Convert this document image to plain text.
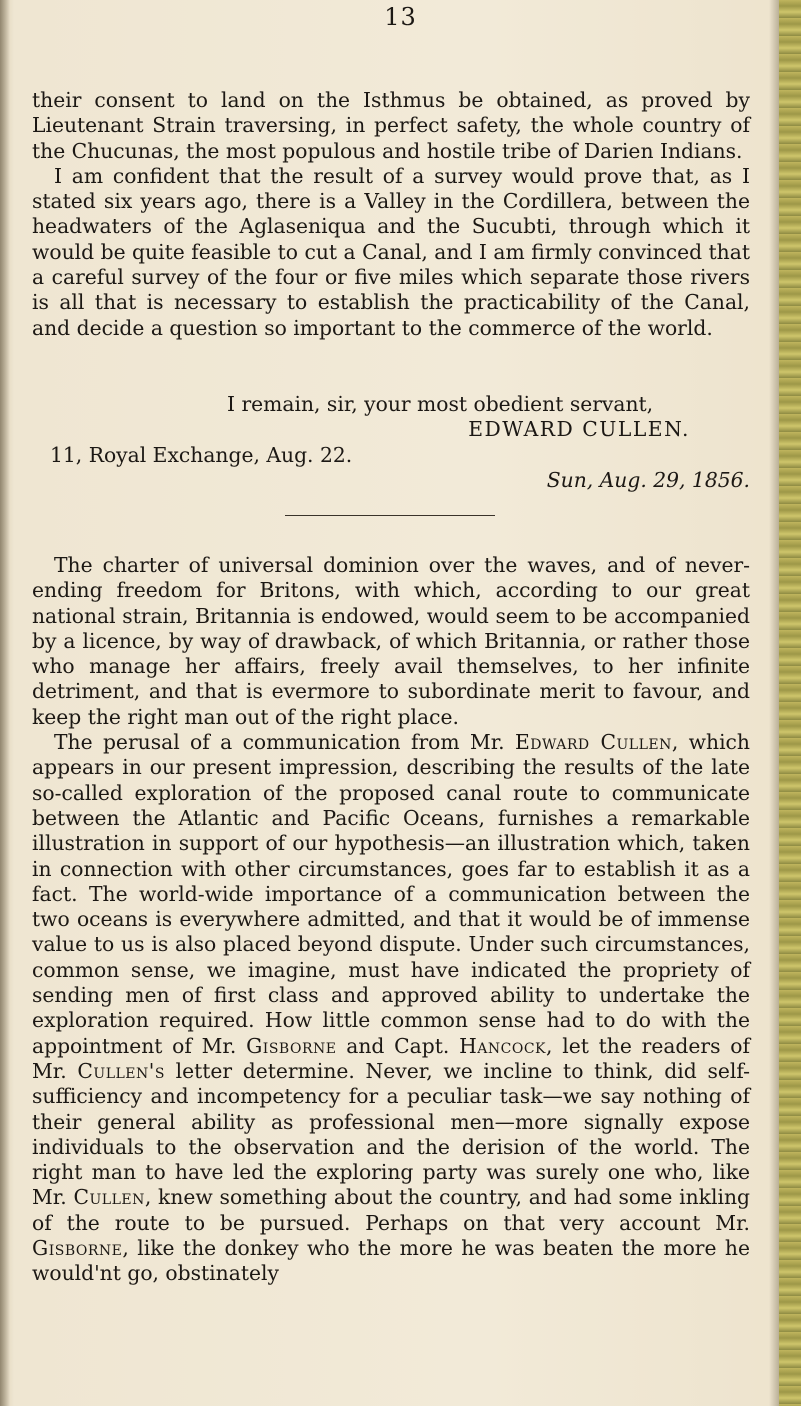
13

their consent to land on the Isthmus be obtained, as proved by Lieutenant Strain traversing, in perfect safety, the whole country of the Chucunas, the most populous and hostile tribe of Darien Indians.

I am confident that the result of a survey would prove that, as I stated six years ago, there is a Valley in the Cordillera, between the headwaters of the Aglaseniqua and the Sucubti, through which it would be quite feasible to cut a Canal, and I am firmly convinced that a careful survey of the four or five miles which separate those rivers is all that is necessary to establish the practicability of the Canal, and decide a question so important to the commerce of the world.

I remain, sir, your most obedient servant,
EDWARD CULLEN.
11, Royal Exchange, Aug. 22.
Sun, Aug. 29, 1856.

The charter of universal dominion over the waves, and of never-ending freedom for Britons, with which, according to our great national strain, Britannia is endowed, would seem to be accompanied by a licence, by way of drawback, of which Britannia, or rather those who manage her affairs, freely avail themselves, to her infinite detriment, and that is evermore to subordinate merit to favour, and keep the right man out of the right place.

The perusal of a communication from Mr. Edward Cullen, which appears in our present impression, describing the results of the late so-called exploration of the proposed canal route to communicate between the Atlantic and Pacific Oceans, furnishes a remarkable illustration in support of our hypothesis—an illustration which, taken in connection with other circumstances, goes far to establish it as a fact. The world-wide importance of a communication between the two oceans is everywhere admitted, and that it would be of immense value to us is also placed beyond dispute. Under such circumstances, common sense, we imagine, must have indicated the propriety of sending men of first class and approved ability to undertake the exploration required. How little common sense had to do with the appointment of Mr. Gisborne and Capt. Hancock, let the readers of Mr. Cullen's letter determine. Never, we incline to think, did self-sufficiency and incompetency for a peculiar task—we say nothing of their general ability as professional men—more signally expose individuals to the observation and the derision of the world. The right man to have led the exploring party was surely one who, like Mr. Cullen, knew something about the country, and had some inkling of the route to be pursued. Perhaps on that very account Mr. Gisborne, like the donkey who the more he was beaten the more he would'nt go, obstinately
